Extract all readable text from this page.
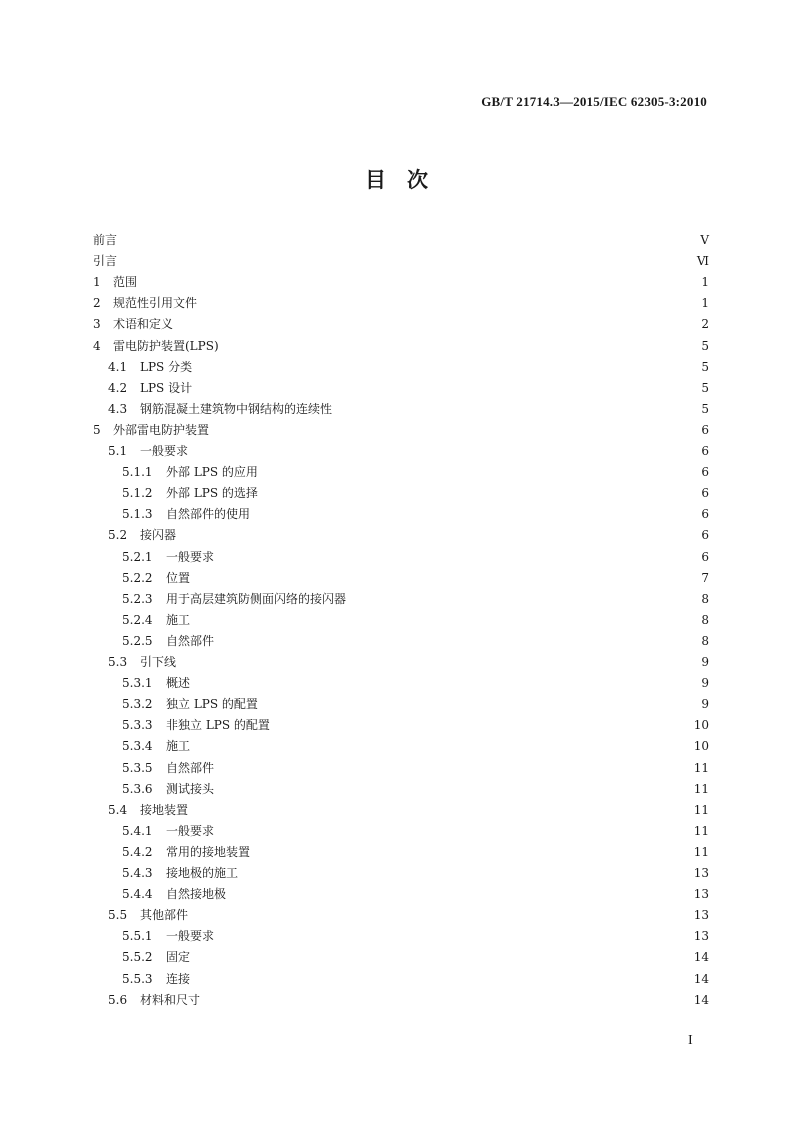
GB/T 21714.3—2015/IEC 62305-3:2010
目　次
前言	Ⅴ
引言	Ⅵ
1	范围	1
2	规范性引用文件	1
3	术语和定义	2
4	雷电防护装置(LPS)	5
4.1	LPS 分类	5
4.2	LPS 设计	5
4.3	钢筋混凝土建筑物中钢结构的连续性	5
5	外部雷电防护装置	6
5.1	一般要求	6
5.1.1	外部 LPS 的应用	6
5.1.2	外部 LPS 的选择	6
5.1.3	自然部件的使用	6
5.2	接闪器	6
5.2.1	一般要求	6
5.2.2	位置	7
5.2.3	用于高层建筑防侧面闪络的接闪器	8
5.2.4	施工	8
5.2.5	自然部件	8
5.3	引下线	9
5.3.1	概述	9
5.3.2	独立 LPS 的配置	9
5.3.3	非独立 LPS 的配置	10
5.3.4	施工	10
5.3.5	自然部件	11
5.3.6	测试接头	11
5.4	接地装置	11
5.4.1	一般要求	11
5.4.2	常用的接地装置	11
5.4.3	接地极的施工	13
5.4.4	自然接地极	13
5.5	其他部件	13
5.5.1	一般要求	13
5.5.2	固定	14
5.5.3	连接	14
5.6	材料和尺寸	14
I
